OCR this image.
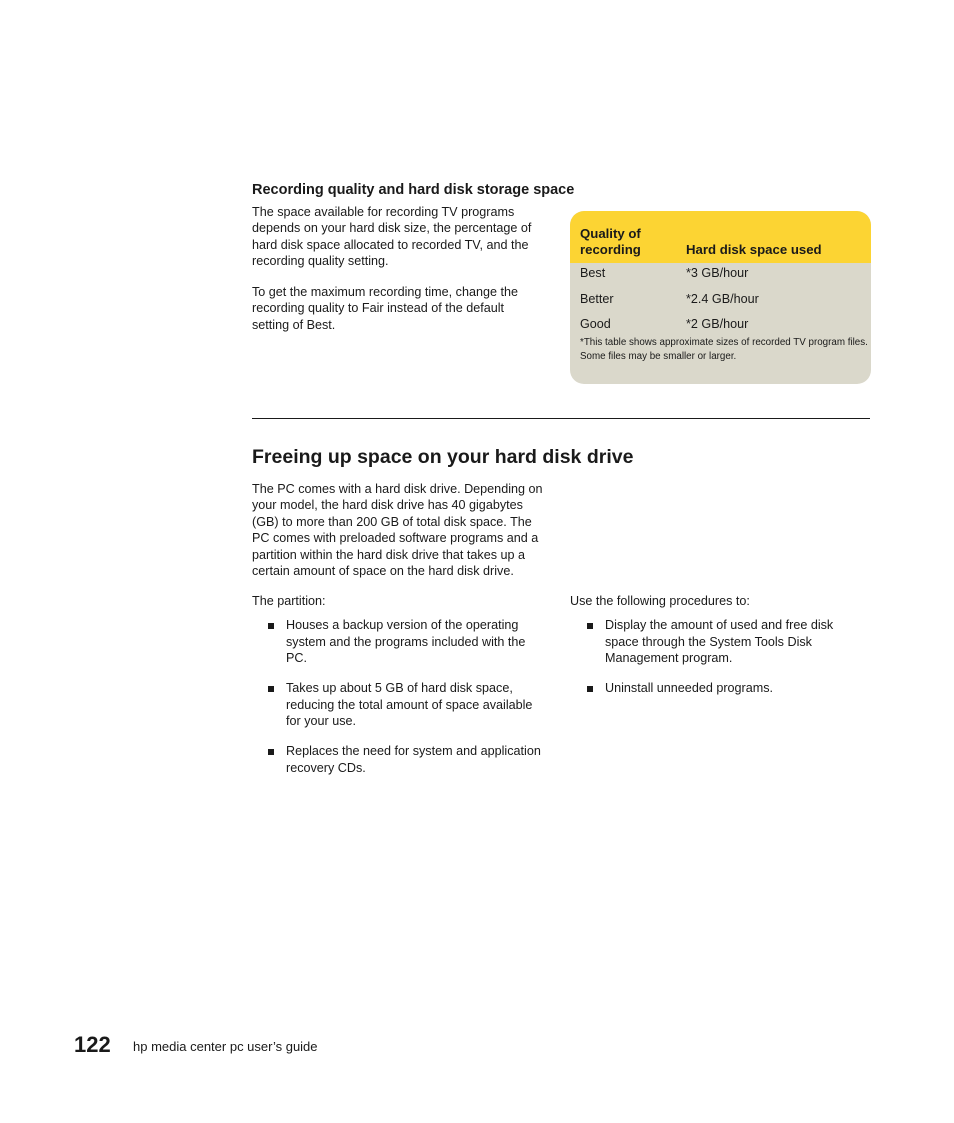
Recording quality and hard disk storage space

The space available for recording TV programs depends on your hard disk size, the percentage of hard disk space allocated to recorded TV, and the recording quality setting.

To get the maximum recording time, change the recording quality to Fair instead of the default setting of Best.

Quality of recording	Hard disk space used
Best	*3 GB/hour
Better	*2.4 GB/hour
Good	*2 GB/hour
*This table shows approximate sizes of recorded TV program files. Some files may be smaller or larger.
Freeing up space on your hard disk drive

The PC comes with a hard disk drive. Depending on your model, the hard disk drive has 40 gigabytes (GB) to more than 200 GB of total disk space. The PC comes with preloaded software programs and a partition within the hard disk drive that takes up a certain amount of space on the hard disk drive.

The partition:

Houses a backup version of the operating system and the programs included with the PC.
Takes up about 5 GB of hard disk space, reducing the total amount of space available for your use.
Replaces the need for system and application recovery CDs.

Use the following procedures to:

Display the amount of used and free disk space through the System Tools Disk Management program.
Uninstall unneeded programs.

122 hp media center pc user’s guide
